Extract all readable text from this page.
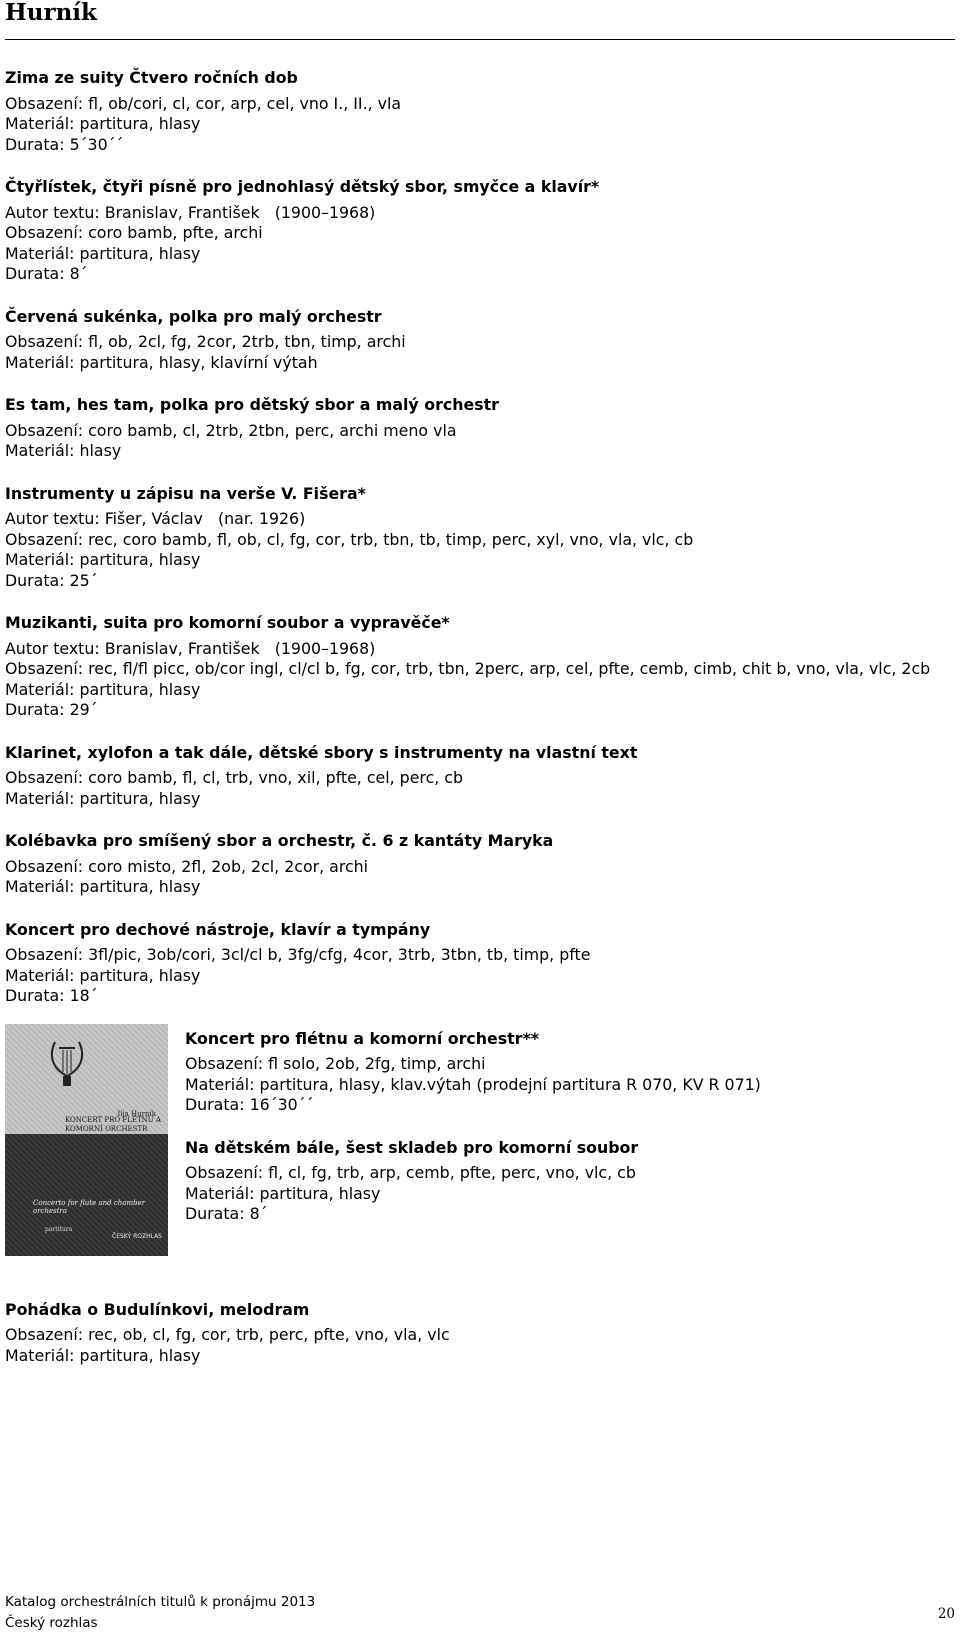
Hurník
Zima ze suity Čtvero ročních dob
Obsazení: fl, ob/cori, cl, cor, arp, cel, vno I., II., vla
Materiál: partitura, hlasy
Durata: 5´30´´
Čtyřlístek, čtyři písně pro jednohlasý dětský sbor, smyčce a klavír*
Autor textu: Branislav, František   (1900–1968)
Obsazení: coro bamb, pfte, archi
Materiál: partitura, hlasy
Durata: 8´
Červená sukénka, polka pro malý orchestr
Obsazení: fl, ob, 2cl, fg, 2cor, 2trb, tbn, timp, archi
Materiál: partitura, hlasy, klavírní výtah
Es tam, hes tam, polka pro dětský sbor a malý orchestr
Obsazení: coro bamb, cl, 2trb, 2tbn, perc, archi meno vla
Materiál: hlasy
Instrumenty u zápisu na verše V. Fišera*
Autor textu: Fišer, Václav   (nar. 1926)
Obsazení: rec, coro bamb, fl, ob, cl, fg, cor, trb, tbn, tb, timp, perc, xyl, vno, vla, vlc, cb
Materiál: partitura, hlasy
Durata: 25´
Muzikanti, suita pro komorní soubor a vypravěče*
Autor textu: Branislav, František   (1900–1968)
Obsazení: rec, fl/fl picc, ob/cor ingl, cl/cl b, fg, cor, trb, tbn, 2perc, arp, cel, pfte, cemb, cimb, chit b, vno, vla, vlc, 2cb
Materiál: partitura, hlasy
Durata: 29´
Klarinet, xylofon a tak dále, dětské sbory s instrumenty na vlastní text
Obsazení: coro bamb, fl, cl, trb, vno, xil, pfte, cel, perc, cb
Materiál: partitura, hlasy
Kolébavka pro smíšený sbor a orchestr, č. 6 z kantáty Maryka
Obsazení: coro misto, 2fl, 2ob, 2cl, 2cor, archi
Materiál: partitura, hlasy
Koncert pro dechové nástroje, klavír a tympány
Obsazení: 3fl/pic, 3ob/cori, 3cl/cl b, 3fg/cfg, 4cor, 3trb, 3tbn, tb, timp, pfte
Materiál: partitura, hlasy
Durata: 18´
Ilja Hurník
KONCERT PRO FLÉTNU A KOMORNÍ ORCHESTR
Concerto for flute and chamber orchestra
partitura
ČESKÝ ROZHLAS
Koncert pro flétnu a komorní orchestr**
Obsazení: fl solo, 2ob, 2fg, timp, archi
Materiál: partitura, hlasy, klav.výtah (prodejní partitura R 070, KV R 071)
Durata: 16´30´´
Na dětském bále, šest skladeb pro komorní soubor
Obsazení: fl, cl, fg, trb, arp, cemb, pfte, perc, vno, vlc, cb
Materiál: partitura, hlasy
Durata: 8´
Pohádka o Budulínkovi, melodram
Obsazení: rec, ob, cl, fg, cor, trb, perc, pfte, vno, vla, vlc
Materiál: partitura, hlasy
Katalog orchestrálních titulů k pronájmu 2013
Český rozhlas
20
